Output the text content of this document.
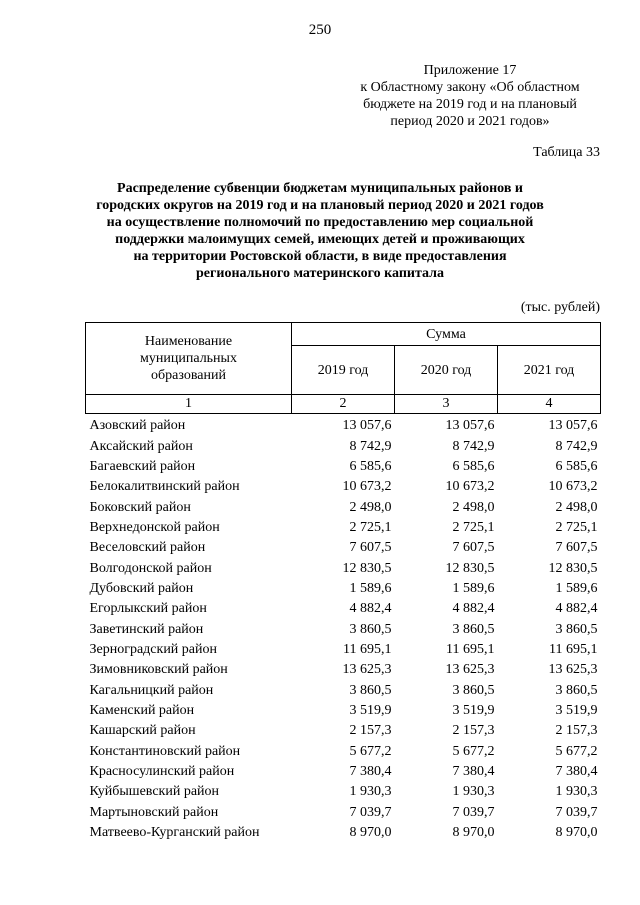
250
Приложение 17
к Областному закону «Об областном
бюджете на 2019 год и на плановый
период 2020 и 2021 годов»
Таблица 33
Распределение субвенции бюджетам муниципальных районов и
городских округов на 2019 год и на плановый период 2020 и 2021 годов
на осуществление полномочий по предоставлению мер социальной
поддержки малоимущих семей, имеющих детей и проживающих
на территории Ростовской области, в виде предоставления
регионального материнского капитала
(тыс. рублей)
Наименование
муниципальных
образований	Сумма		
	2019 год	2020 год	2021 год
1	2	3	4
Азовский район	13 057,6	13 057,6	13 057,6
Аксайский район	8 742,9	8 742,9	8 742,9
Багаевский район	6 585,6	6 585,6	6 585,6
Белокалитвинский район	10 673,2	10 673,2	10 673,2
Боковский район	2 498,0	2 498,0	2 498,0
Верхнедонской район	2 725,1	2 725,1	2 725,1
Веселовский район	7 607,5	7 607,5	7 607,5
Волгодонской район	12 830,5	12 830,5	12 830,5
Дубовский район	1 589,6	1 589,6	1 589,6
Егорлыкский район	4 882,4	4 882,4	4 882,4
Заветинский район	3 860,5	3 860,5	3 860,5
Зерноградский район	11 695,1	11 695,1	11 695,1
Зимовниковский район	13 625,3	13 625,3	13 625,3
Кагальницкий район	3 860,5	3 860,5	3 860,5
Каменский район	3 519,9	3 519,9	3 519,9
Кашарский район	2 157,3	2 157,3	2 157,3
Константиновский район	5 677,2	5 677,2	5 677,2
Красносулинский район	7 380,4	7 380,4	7 380,4
Куйбышевский район	1 930,3	1 930,3	1 930,3
Мартыновский район	7 039,7	7 039,7	7 039,7
Матвеево-Курганский район	8 970,0	8 970,0	8 970,0
